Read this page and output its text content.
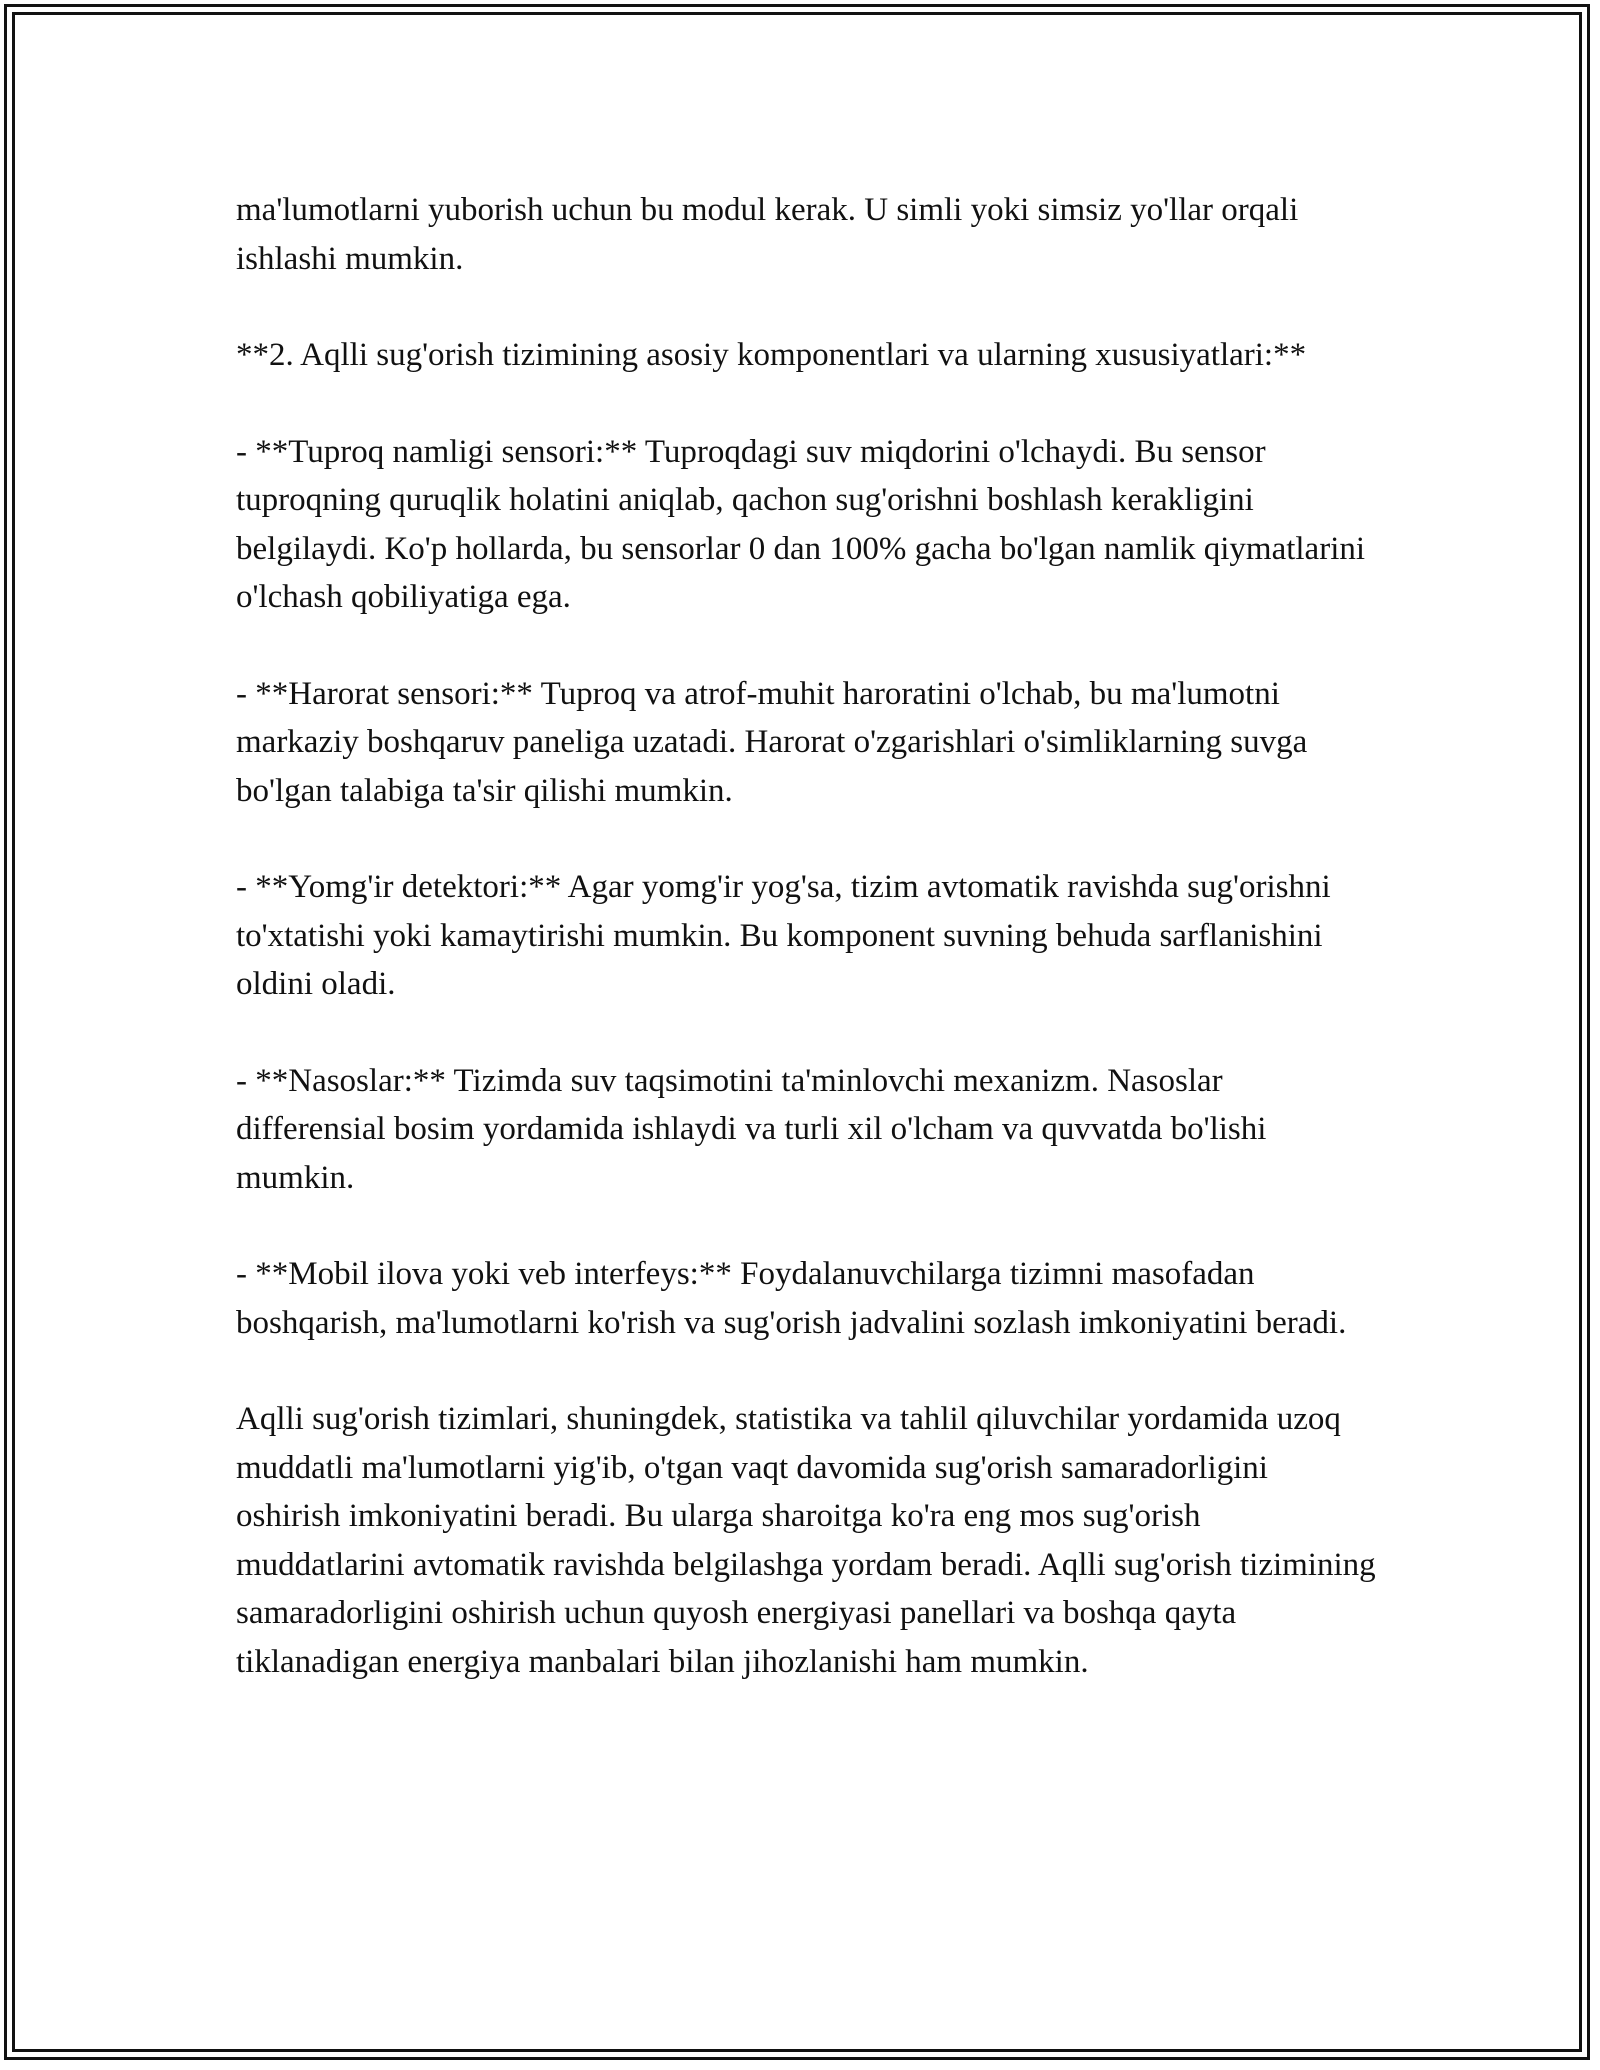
ma'lumotlarni yuborish uchun bu modul kerak. U simli yoki simsiz yo'llar orqali ishlashi mumkin.

**2. Aqlli sug'orish tizimining asosiy komponentlari va ularning xususiyatlari:**

- **Tuproq namligi sensori:** Tuproqdagi suv miqdorini o'lchaydi. Bu sensor tuproqning quruqlik holatini aniqlab, qachon sug'orishni boshlash kerakligini belgilaydi. Ko'p hollarda, bu sensorlar 0 dan 100% gacha bo'lgan namlik qiymatlarini o'lchash qobiliyatiga ega.

- **Harorat sensori:** Tuproq va atrof-muhit haroratini o'lchab, bu ma'lumotni markaziy boshqaruv paneliga uzatadi. Harorat o'zgarishlari o'simliklarning suvga bo'lgan talabiga ta'sir qilishi mumkin.

- **Yomg'ir detektori:** Agar yomg'ir yog'sa, tizim avtomatik ravishda sug'orishni to'xtatishi yoki kamaytirishi mumkin. Bu komponent suvning behuda sarflanishini oldini oladi.

- **Nasoslar:** Tizimda suv taqsimotini ta'minlovchi mexanizm. Nasoslar differensial bosim yordamida ishlaydi va turli xil o'lcham va quvvatda bo'lishi mumkin.

- **Mobil ilova yoki veb interfeys:** Foydalanuvchilarga tizimni masofadan boshqarish, ma'lumotlarni ko'rish va sug'orish jadvalini sozlash imkoniyatini beradi.

Aqlli sug'orish tizimlari, shuningdek, statistika va tahlil qiluvchilar yordamida uzoq muddatli ma'lumotlarni yig'ib, o'tgan vaqt davomida sug'orish samaradorligini oshirish imkoniyatini beradi. Bu ularga sharoitga ko'ra eng mos sug'orish muddatlarini avtomatik ravishda belgilashga yordam beradi. Aqlli sug'orish tizimining samaradorligini oshirish uchun quyosh energiyasi panellari va boshqa qayta tiklanadigan energiya manbalari bilan jihozlanishi ham mumkin.
